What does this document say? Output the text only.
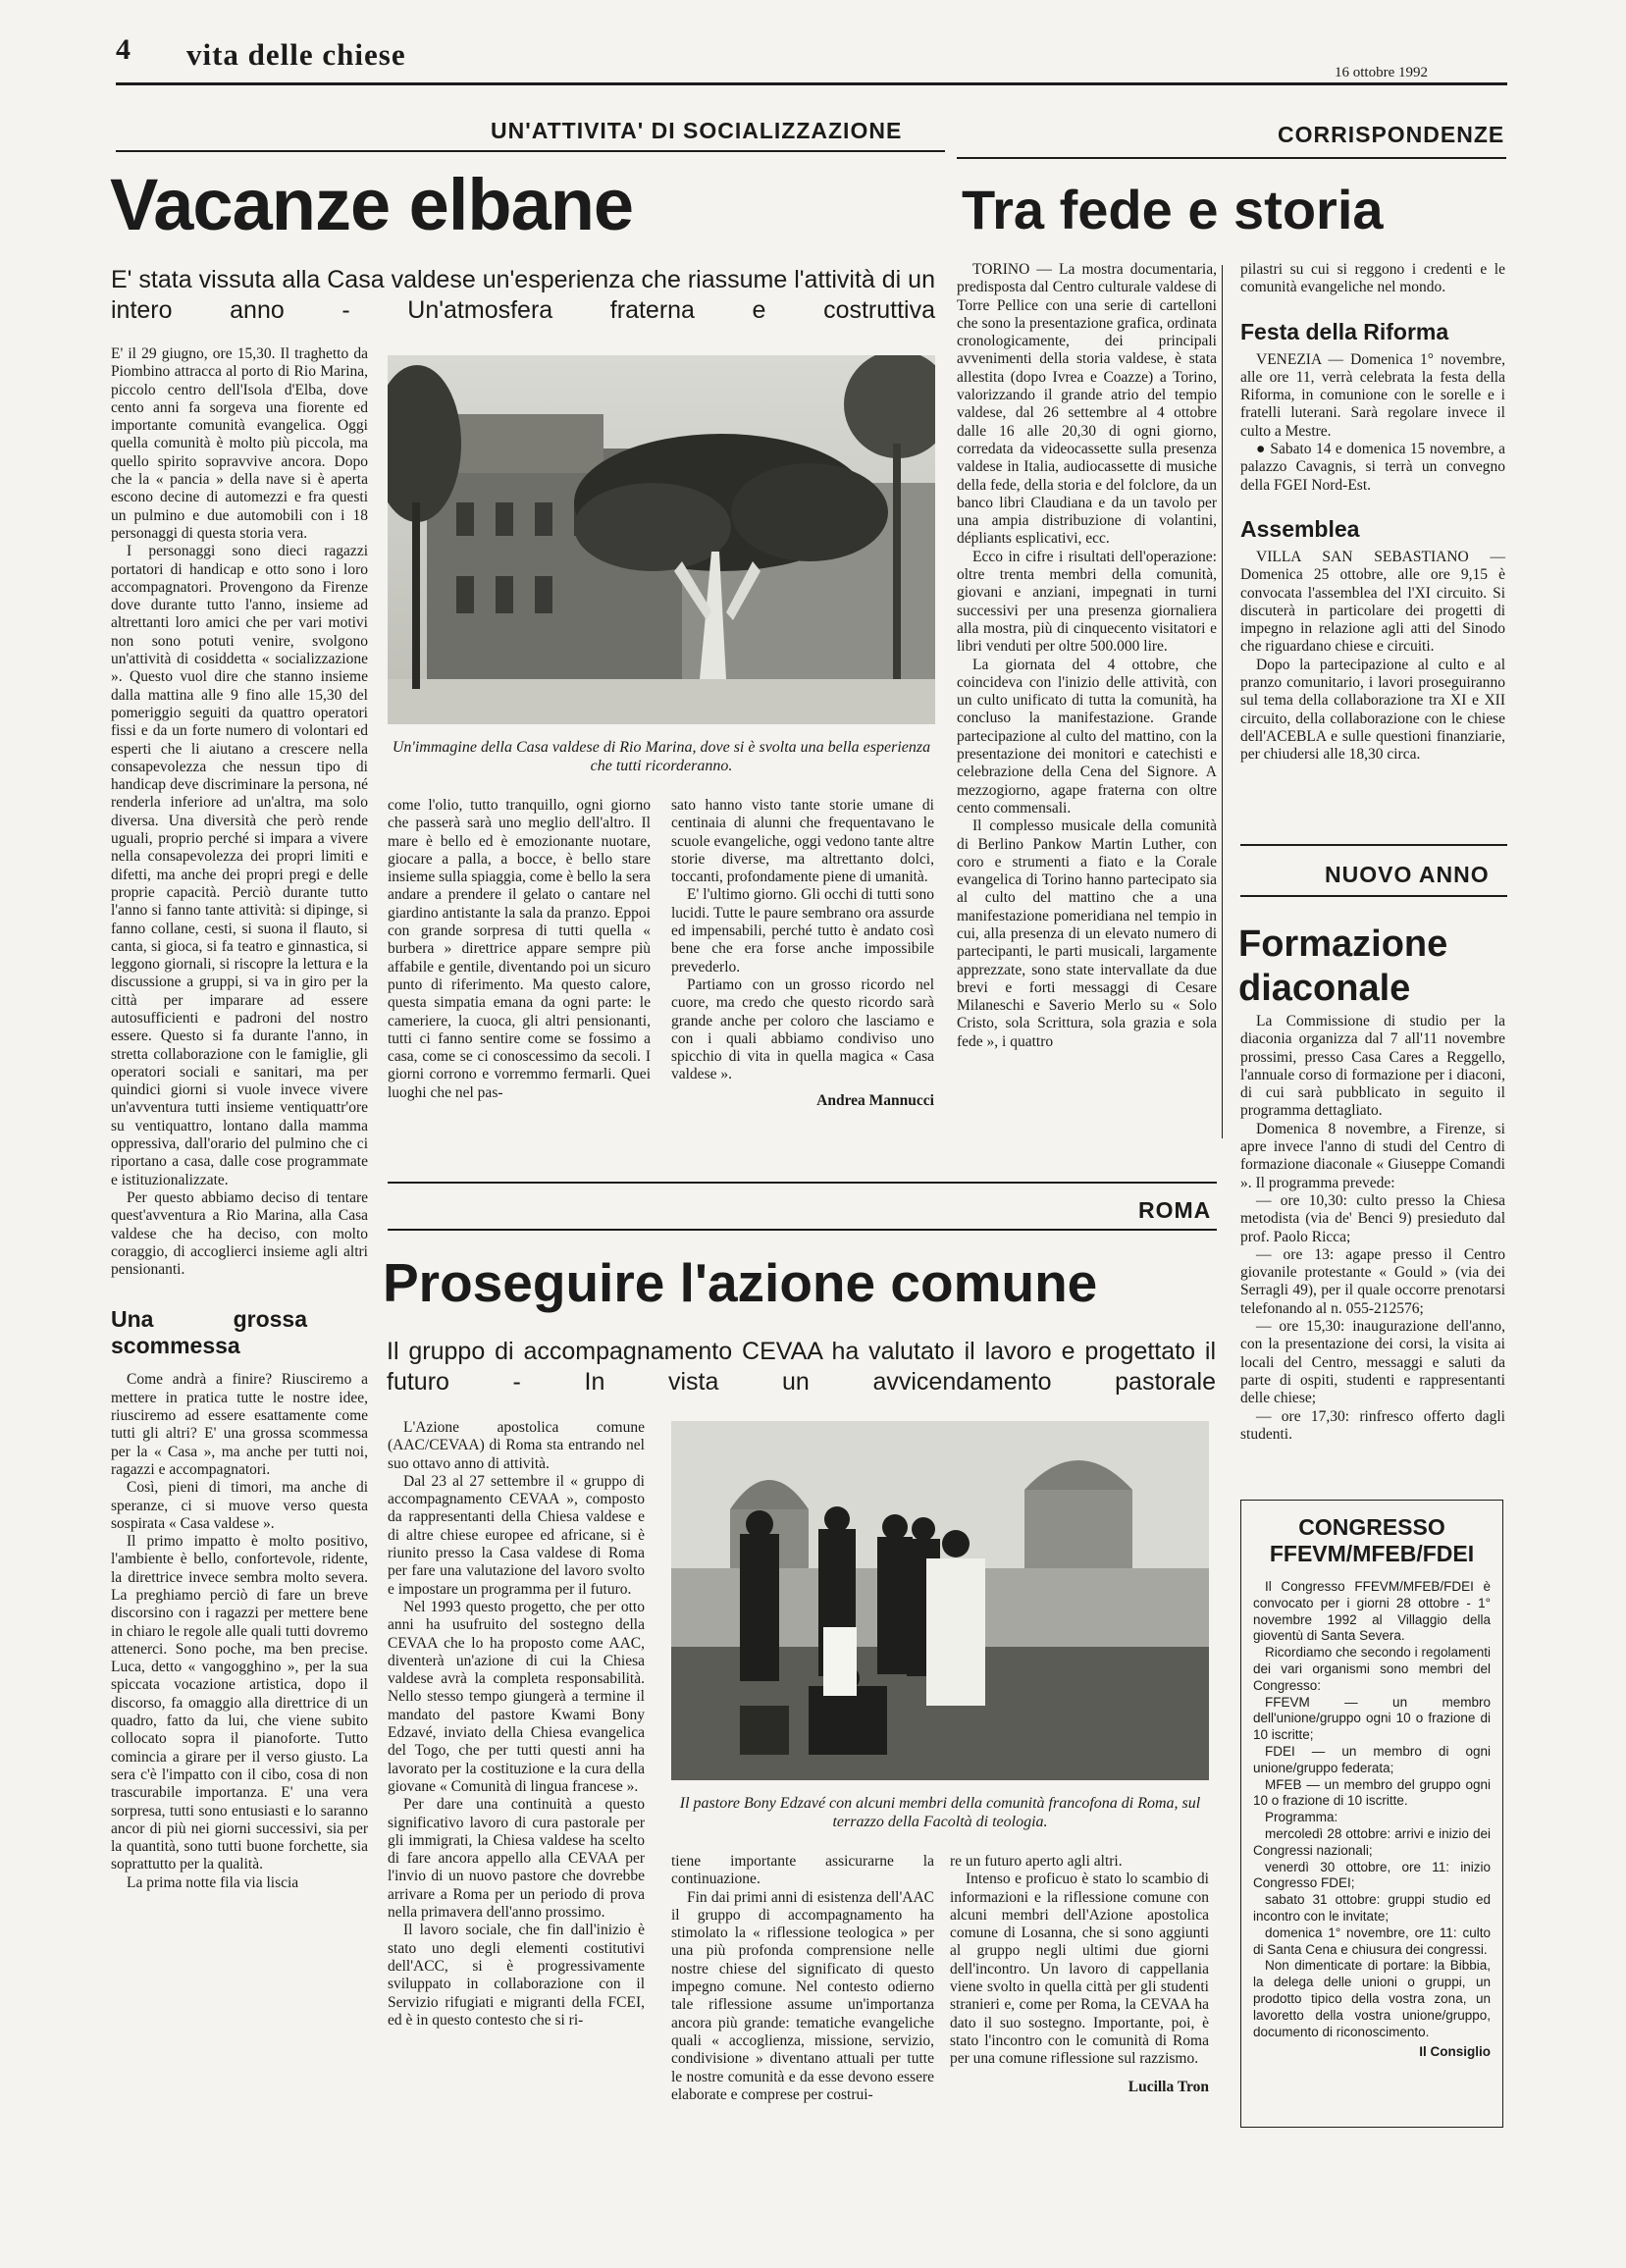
4 vita delle chiese
16 ottobre 1992
UN'ATTIVITA' DI SOCIALIZZAZIONE
Vacanze elbane
E' stata vissuta alla Casa valdese un'esperienza che riassume l'attività di un intero anno - Un'atmosfera fraterna e costruttiva

E' il 29 giugno, ore 15,30. Il traghetto da Piombino attracca al porto di Rio Marina, piccolo centro dell'Isola d'Elba, dove cento anni fa sorgeva una fiorente ed importante comunità evangelica. Oggi quella comunità è molto più piccola, ma quello spirito sopravvive ancora. Dopo che la « pancia » della nave si è aperta escono decine di automezzi e fra questi un pulmino e due automobili con i 18 personaggi di questa storia vera.

I personaggi sono dieci ragazzi portatori di handicap e otto sono i loro accompagnatori. Provengono da Firenze dove durante tutto l'anno, insieme ad altrettanti loro amici che per vari motivi non sono potuti venire, svolgono un'attività di cosiddetta « socializzazione ». Questo vuol dire che stanno insieme dalla mattina alle 9 fino alle 15,30 del pomeriggio seguiti da quattro operatori fissi e da un forte numero di volontari ed esperti che li aiutano a crescere nella consapevolezza che nessun tipo di handicap deve discriminare la persona, né renderla inferiore ad un'altra, ma solo diversa. Una diversità che però rende uguali, proprio perché si impara a vivere nella consapevolezza dei propri limiti e difetti, ma anche dei propri pregi e delle proprie capacità. Perciò durante tutto l'anno si fanno tante attività: si dipinge, si fanno collane, cesti, si suona il flauto, si canta, si gioca, si fa teatro e ginnastica, si leggono giornali, si riscopre la lettura e la discussione a gruppi, si va in giro per la città per imparare ad essere autosufficienti e padroni del nostro essere. Questo si fa durante l'anno, in stretta collaborazione con le famiglie, gli operatori sociali e sanitari, ma per quindici giorni si vuole invece vivere un'avventura tutti insieme ventiquattr'ore su ventiquattro, lontano dalla mamma oppressiva, dall'orario del pulmino che ci riportano a casa, dalle cose programmate e istituzionalizzate.

Per questo abbiamo deciso di tentare quest'avventura a Rio Marina, alla Casa valdese che ha deciso, con molto coraggio, di accoglierci insieme agli altri pensionanti.

Una grossa scommessa

Come andrà a finire? Riusciremo a mettere in pratica tutte le nostre idee, riusciremo ad essere esattamente come tutti gli altri? E' una grossa scommessa per la « Casa », ma anche per tutti noi, ragazzi e accompagnatori.

Così, pieni di timori, ma anche di speranze, ci si muove verso questa sospirata « Casa valdese ».

Il primo impatto è molto positivo, l'ambiente è bello, confortevole, ridente, la direttrice invece sembra molto severa. La preghiamo perciò di fare un breve discorsino con i ragazzi per mettere bene in chiaro le regole alle quali tutti dovremo attenerci. Sono poche, ma ben precise. Luca, detto « vangogghino », per la sua spiccata vocazione artistica, dopo il discorso, fa omaggio alla direttrice di un quadro, fatto da lui, che viene subito collocato sopra il pianoforte. Tutto comincia a girare per il verso giusto. La sera c'è l'impatto con il cibo, cosa di non trascurabile importanza. E' una vera sorpresa, tutti sono entusiasti e lo saranno ancor di più nei giorni successivi, sia per la quantità, sono tutti buone forchette, sia soprattutto per la qualità.

La prima notte fila via liscia

Un'immagine della Casa valdese di Rio Marina, dove si è svolta una bella esperienza che tutti ricorderanno.

come l'olio, tutto tranquillo, ogni giorno che passerà sarà uno meglio dell'altro. Il mare è bello ed è emozionante nuotare, giocare a palla, a bocce, è bello stare insieme sulla spiaggia, come è bello la sera andare a prendere il gelato o cantare nel giardino antistante la sala da pranzo. Eppoi con grande sorpresa di tutti quella « burbera » direttrice appare sempre più affabile e gentile, diventando poi un sicuro punto di riferimento. Ma questo calore, questa simpatia emana da ogni parte: le cameriere, la cuoca, gli altri pensionanti, tutti ci fanno sentire come se fossimo a casa, come se ci conoscessimo da secoli. I giorni corrono e vorremmo fermarli. Quei luoghi che nel pas-

sato hanno visto tante storie umane di centinaia di alunni che frequentavano le scuole evangeliche, oggi vedono tante altre storie diverse, ma altrettanto dolci, toccanti, profondamente piene di umanità.

E' l'ultimo giorno. Gli occhi di tutti sono lucidi. Tutte le paure sembrano ora assurde ed impensabili, perché tutto è andato così bene che era forse anche impossibile prevederlo.

Partiamo con un grosso ricordo nel cuore, ma credo che questo ricordo sarà grande anche per coloro che lasciamo e con i quali abbiamo condiviso uno spicchio di vita in quella magica « Casa valdese ».

Andrea Mannucci
CORRISPONDENZE
Tra fede e storia

TORINO — La mostra documentaria, predisposta dal Centro culturale valdese di Torre Pellice con una serie di cartelloni che sono la presentazione grafica, ordinata cronologicamente, dei principali avvenimenti della storia valdese, è stata allestita (dopo Ivrea e Coazze) a Torino, valorizzando il grande atrio del tempio valdese, dal 26 settembre al 4 ottobre dalle 16 alle 20,30 di ogni giorno, corredata da videocassette sulla presenza valdese in Italia, audiocassette di musiche della fede, della storia e del folclore, da un banco libri Claudiana e da un tavolo per una ampia distribuzione di volantini, dépliants esplicativi, ecc.

Ecco in cifre i risultati dell'operazione: oltre trenta membri della comunità, giovani e anziani, impegnati in turni successivi per una presenza giornaliera alla mostra, più di cinquecento visitatori e libri venduti per oltre 500.000 lire.

La giornata del 4 ottobre, che coincideva con l'inizio delle attività, con un culto unificato di tutta la comunità, ha concluso la manifestazione. Grande partecipazione al culto del mattino, con la presentazione dei monitori e catechisti e celebrazione della Cena del Signore. A mezzogiorno, agape fraterna con oltre cento commensali.

Il complesso musicale della comunità di Berlino Pankow Martin Luther, con coro e strumenti a fiato e la Corale evangelica di Torino hanno partecipato sia al culto del mattino che a una manifestazione pomeridiana nel tempio in cui, alla presenza di un elevato numero di partecipanti, le parti musicali, largamente apprezzate, sono state intervallate da due brevi e forti messaggi di Cesare Milaneschi e Saverio Merlo su « Solo Cristo, sola Scrittura, sola grazia e sola fede », i quattro

pilastri su cui si reggono i credenti e le comunità evangeliche nel mondo.

Festa della Riforma

VENEZIA — Domenica 1° novembre, alle ore 11, verrà celebrata la festa della Riforma, in comunione con le sorelle e i fratelli luterani. Sarà regolare invece il culto a Mestre.

● Sabato 14 e domenica 15 novembre, a palazzo Cavagnis, si terrà un convegno della FGEI Nord-Est.

Assemblea

VILLA SAN SEBASTIANO — Domenica 25 ottobre, alle ore 9,15 è convocata l'assemblea del l'XI circuito. Si discuterà in particolare dei progetti di impegno in relazione agli atti del Sinodo che riguardano chiese e circuiti.

Dopo la partecipazione al culto e al pranzo comunitario, i lavori proseguiranno sul tema della collaborazione tra XI e XII circuito, della collaborazione con le chiese dell'ACEBLA e sulle questioni finanziarie, per chiudersi alle 18,30 circa.

NUOVO ANNO
Formazione diaconale

La Commissione di studio per la diaconia organizza dal 7 all'11 novembre prossimi, presso Casa Cares a Reggello, l'annuale corso di formazione per i diaconi, di cui sarà pubblicato in seguito il programma dettagliato.

Domenica 8 novembre, a Firenze, si apre invece l'anno di studi del Centro di formazione diaconale « Giuseppe Comandi ». Il programma prevede:

— ore 10,30: culto presso la Chiesa metodista (via de' Benci 9) presieduto dal prof. Paolo Ricca;

— ore 13: agape presso il Centro giovanile protestante « Gould » (via dei Serragli 49), per il quale occorre prenotarsi telefonando al n. 055-212576;

— ore 15,30: inaugurazione dell'anno, con la presentazione dei corsi, la visita ai locali del Centro, messaggi e saluti da parte di ospiti, studenti e rappresentanti delle chiese;

— ore 17,30: rinfresco offerto dagli studenti.

CONGRESSO
FFEVM/MFEB/FDEI

Il Congresso FFEVM/MFEB/FDEI è convocato per i giorni 28 ottobre - 1° novembre 1992 al Villaggio della gioventù di Santa Severa.

Ricordiamo che secondo i regolamenti dei vari organismi sono membri del Congresso:

FFEVM — un membro dell'unione/gruppo ogni 10 o frazione di 10 iscritte;

FDEI — un membro di ogni unione/gruppo federata;

MFEB — un membro del gruppo ogni 10 o frazione di 10 iscritte.

Programma:

mercoledì 28 ottobre: arrivi e inizio dei Congressi nazionali;

venerdì 30 ottobre, ore 11: inizio Congresso FDEI;

sabato 31 ottobre: gruppi studio ed incontro con le invitate;

domenica 1° novembre, ore 11: culto di Santa Cena e chiusura dei congressi.

Non dimenticate di portare: la Bibbia, la delega delle unioni o gruppi, un prodotto tipico della vostra zona, un lavoretto della vostra unione/gruppo, documento di riconoscimento.

Il Consiglio
ROMA
Proseguire l'azione comune
Il gruppo di accompagnamento CEVAA ha valutato il lavoro e progettato il futuro - In vista un avvicendamento pastorale

L'Azione apostolica comune (AAC/CEVAA) di Roma sta entrando nel suo ottavo anno di attività.

Dal 23 al 27 settembre il « gruppo di accompagnamento CEVAA », composto da rappresentanti della Chiesa valdese e di altre chiese europee ed africane, si è riunito presso la Casa valdese di Roma per fare una valutazione del lavoro svolto e impostare un programma per il futuro.

Nel 1993 questo progetto, che per otto anni ha usufruito del sostegno della CEVAA che lo ha proposto come AAC, diventerà un'azione di cui la Chiesa valdese avrà la completa responsabilità. Nello stesso tempo giungerà a termine il mandato del pastore Kwami Bony Edzavé, inviato della Chiesa evangelica del Togo, che per tutti questi anni ha lavorato per la costituzione e la cura della giovane « Comunità di lingua francese ».

Per dare una continuità a questo significativo lavoro di cura pastorale per gli immigrati, la Chiesa valdese ha scelto di fare ancora appello alla CEVAA per l'invio di un nuovo pastore che dovrebbe arrivare a Roma per un periodo di prova nella primavera dell'anno prossimo.

Il lavoro sociale, che fin dall'inizio è stato uno degli elementi costitutivi dell'ACC, si è progressivamente sviluppato in collaborazione con il Servizio rifugiati e migranti della FCEI, ed è in questo contesto che si ri-

Il pastore Bony Edzavé con alcuni membri della comunità francofona di Roma, sul terrazzo della Facoltà di teologia.

tiene importante assicurarne la continuazione.

Fin dai primi anni di esistenza dell'AAC il gruppo di accompagnamento ha stimolato la « riflessione teologica » per una più profonda comprensione nelle nostre chiese del significato di questo impegno comune. Nel contesto odierno tale riflessione assume un'importanza ancora più grande: tematiche evangeliche quali « accoglienza, missione, servizio, condivisione » diventano attuali per tutte le nostre comunità e da esse devono essere elaborate e comprese per costrui-

re un futuro aperto agli altri.

Intenso e proficuo è stato lo scambio di informazioni e la riflessione comune con alcuni membri dell'Azione apostolica comune di Losanna, che si sono aggiunti al gruppo negli ultimi due giorni dell'incontro. Un lavoro di cappellania viene svolto in quella città per gli studenti stranieri e, come per Roma, la CEVAA ha dato il suo sostegno. Importante, poi, è stato l'incontro con le comunità di Roma per una comune riflessione sul razzismo.

Lucilla Tron
